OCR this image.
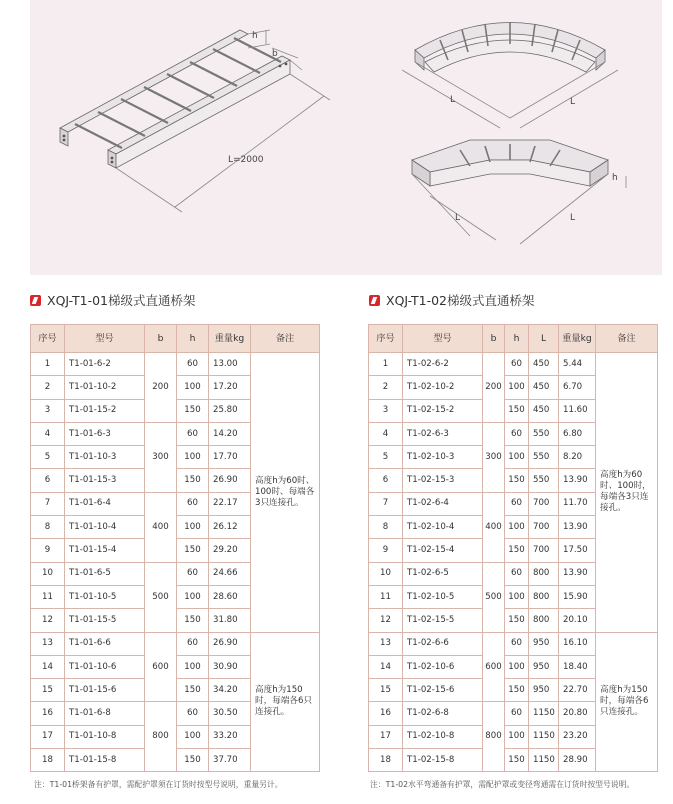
h
b
L=2000
L	L
h
L	L
XQJ-T1-01梯级式直通桥架
序号	型号	b	h	重量kg	备注
1	T1-01-6-2	200	60	13.00	高度h为60时、100时、每端各3只连接孔。
2	T1-01-10-2		100	17.20	
3	T1-01-15-2		150	25.80	
4	T1-01-6-3	300	60	14.20	
5	T1-01-10-3		100	17.70	
6	T1-01-15-3		150	26.90	
7	T1-01-6-4	400	60	22.17	
8	T1-01-10-4		100	26.12	
9	T1-01-15-4		150	29.20	
10	T1-01-6-5	500	60	24.66	
11	T1-01-10-5		100	28.60	
12	T1-01-15-5		150	31.80	
13	T1-01-6-6	600	60	26.90	高度h为150时，每端各6只连接孔。
14	T1-01-10-6		100	30.90	
15	T1-01-15-6		150	34.20	
16	T1-01-6-8	800	60	30.50	
17	T1-01-10-8		100	33.20	
18	T1-01-15-8		150	37.70	
注：T1-01桥架备有护罩，需配护罩须在订货时按型号说明，重量另计。
XQJ-T1-02梯级式直通桥架
序号	型号	b	h	L	重量kg	备注
1	T1-02-6-2	200	60	450	5.44	高度h为60时、100时，每端各3只连接孔。
2	T1-02-10-2		100	450	6.70	
3	T1-02-15-2		150	450	11.60	
4	T1-02-6-3	300	60	550	6.80	
5	T1-02-10-3		100	550	8.20	
6	T1-02-15-3		150	550	13.90	
7	T1-02-6-4	400	60	700	11.70	
8	T1-02-10-4		100	700	13.90	
9	T1-02-15-4		150	700	17.50	
10	T1-02-6-5	500	60	800	13.90	
11	T1-02-10-5		100	800	15.90	
12	T1-02-15-5		150	800	20.10	
13	T1-02-6-6	600	60	950	16.10	高度h为150时，每端各6只连接孔。
14	T1-02-10-6		100	950	18.40	
15	T1-02-15-6		150	950	22.70	
16	T1-02-6-8	800	60	1150	20.80	
17	T1-02-10-8		100	1150	23.20	
18	T1-02-15-8		150	1150	28.90	
注：T1-02水平弯通备有护罩，需配护罩或变径弯通需在订货时按型号说明。
